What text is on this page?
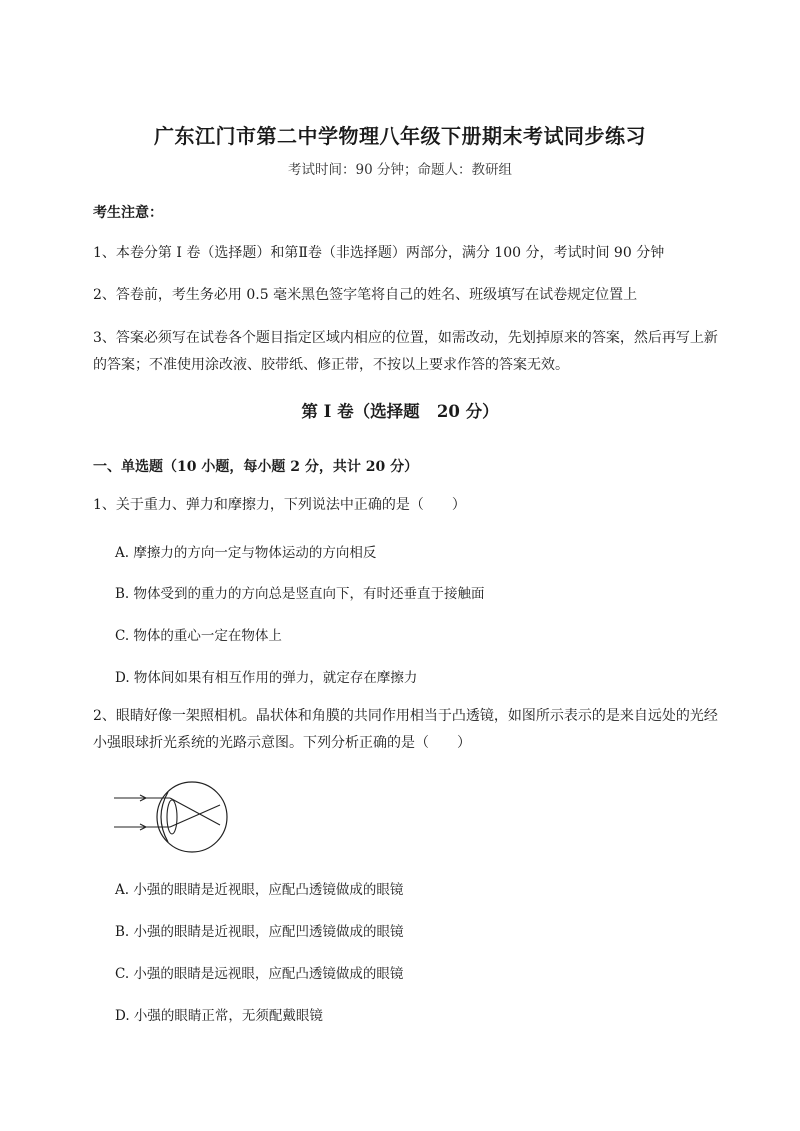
广东江门市第二中学物理八年级下册期末考试同步练习
考试时间：90 分钟；命题人：教研组
考生注意：
1、本卷分第 I 卷（选择题）和第Ⅱ卷（非选择题）两部分，满分 100 分，考试时间 90 分钟
2、答卷前，考生务必用 0.5 毫米黑色签字笔将自己的姓名、班级填写在试卷规定位置上
3、答案必须写在试卷各个题目指定区域内相应的位置，如需改动，先划掉原来的答案，然后再写上新的答案；不准使用涂改液、胶带纸、修正带，不按以上要求作答的答案无效。
第 I 卷（选择题   20 分）
一、单选题（10 小题，每小题 2 分，共计 20 分）
1、关于重力、弹力和摩擦力，下列说法中正确的是（　　）
A. 摩擦力的方向一定与物体运动的方向相反
B. 物体受到的重力的方向总是竖直向下，有时还垂直于接触面
C. 物体的重心一定在物体上
D. 物体间如果有相互作用的弹力，就定存在摩擦力
2、眼睛好像一架照相机。晶状体和角膜的共同作用相当于凸透镜，如图所示表示的是来自远处的光经小强眼球折光系统的光路示意图。下列分析正确的是（　　）
A. 小强的眼睛是近视眼，应配凸透镜做成的眼镜
B. 小强的眼睛是近视眼，应配凹透镜做成的眼镜
C. 小强的眼睛是远视眼，应配凸透镜做成的眼镜
D. 小强的眼睛正常，无须配戴眼镜
